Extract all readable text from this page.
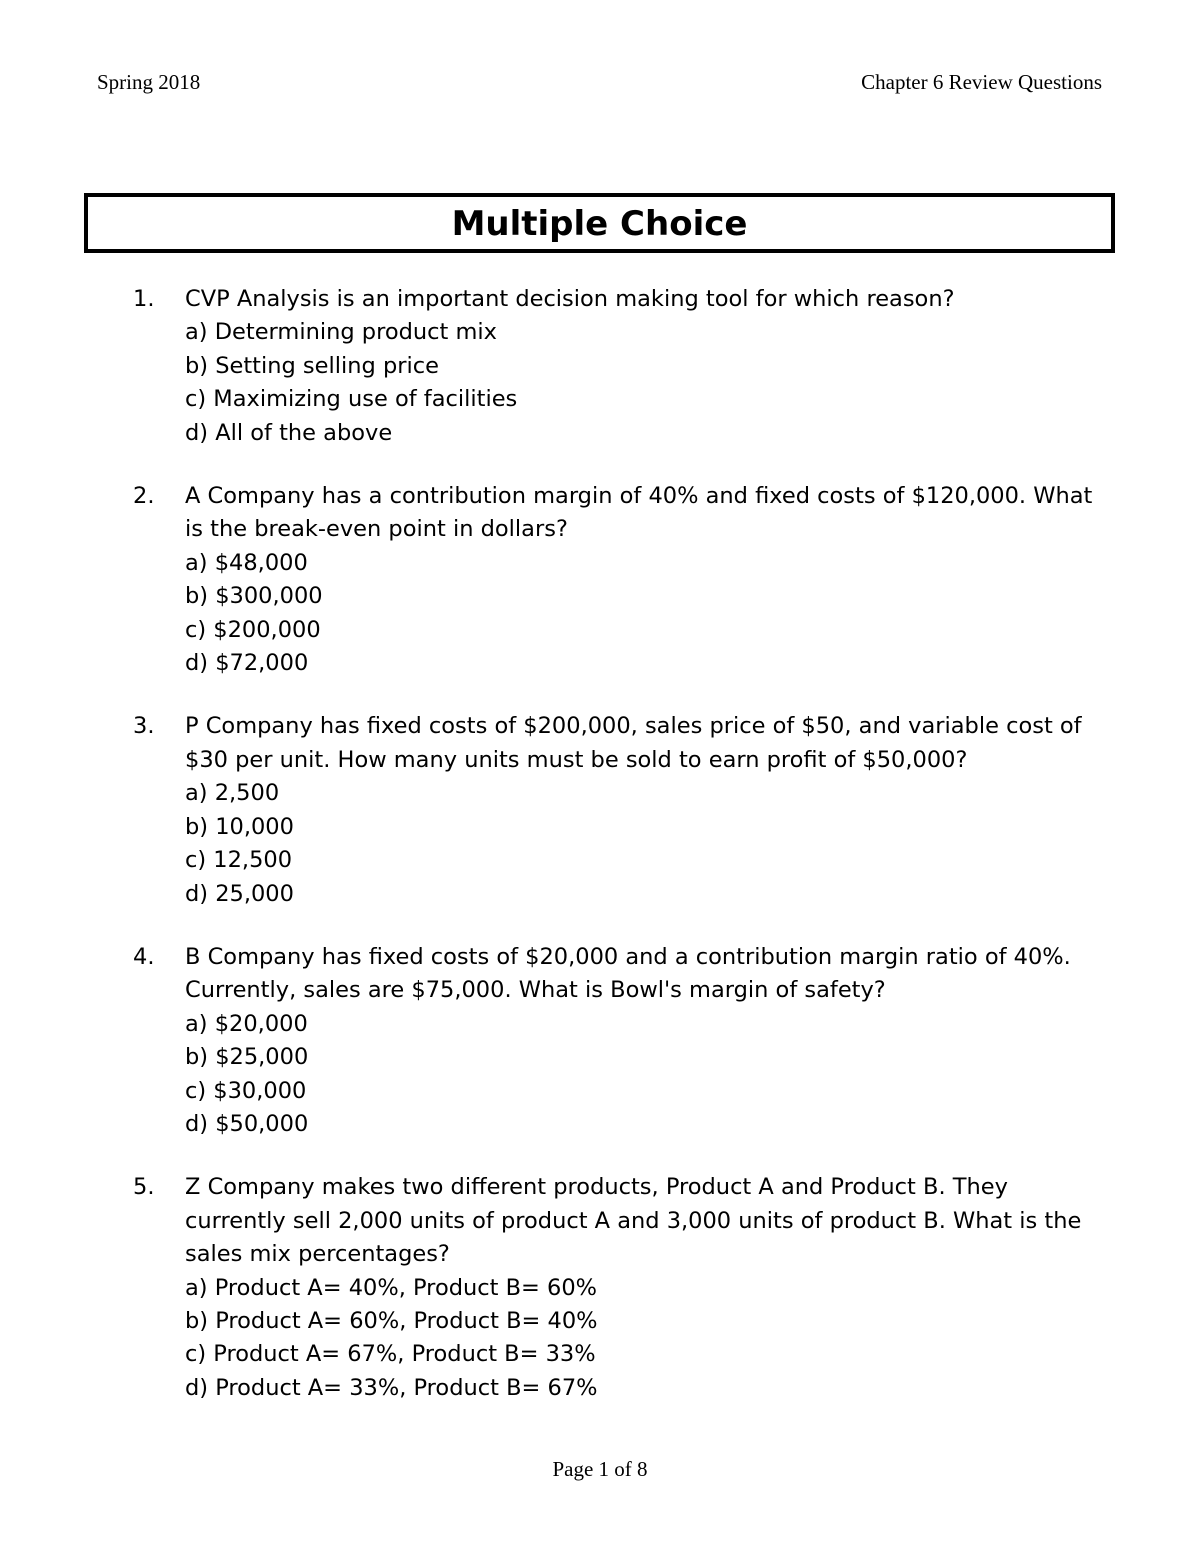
Spring 2018	Chapter 6 Review Questions
Multiple Choice
1. CVP Analysis is an important decision making tool for which reason?
a) Determining product mix
b) Setting selling price
c) Maximizing use of facilities
d) All of the above
2. A Company has a contribution margin of 40% and fixed costs of $120,000. What is the break-even point in dollars?
a) $48,000
b) $300,000
c) $200,000
d) $72,000
3. P Company has fixed costs of $200,000, sales price of $50, and variable cost of $30 per unit. How many units must be sold to earn profit of $50,000?
a) 2,500
b) 10,000
c) 12,500
d) 25,000
4. B Company has fixed costs of $20,000 and a contribution margin ratio of 40%. Currently, sales are $75,000. What is Bowl's margin of safety?
a) $20,000
b) $25,000
c) $30,000
d) $50,000
5. Z Company makes two different products, Product A and Product B. They currently sell 2,000 units of product A and 3,000 units of product B. What is the sales mix percentages?
a) Product A= 40%, Product B= 60%
b) Product A= 60%, Product B= 40%
c) Product A= 67%, Product B= 33%
d) Product A= 33%, Product B= 67%
Page 1 of 8
